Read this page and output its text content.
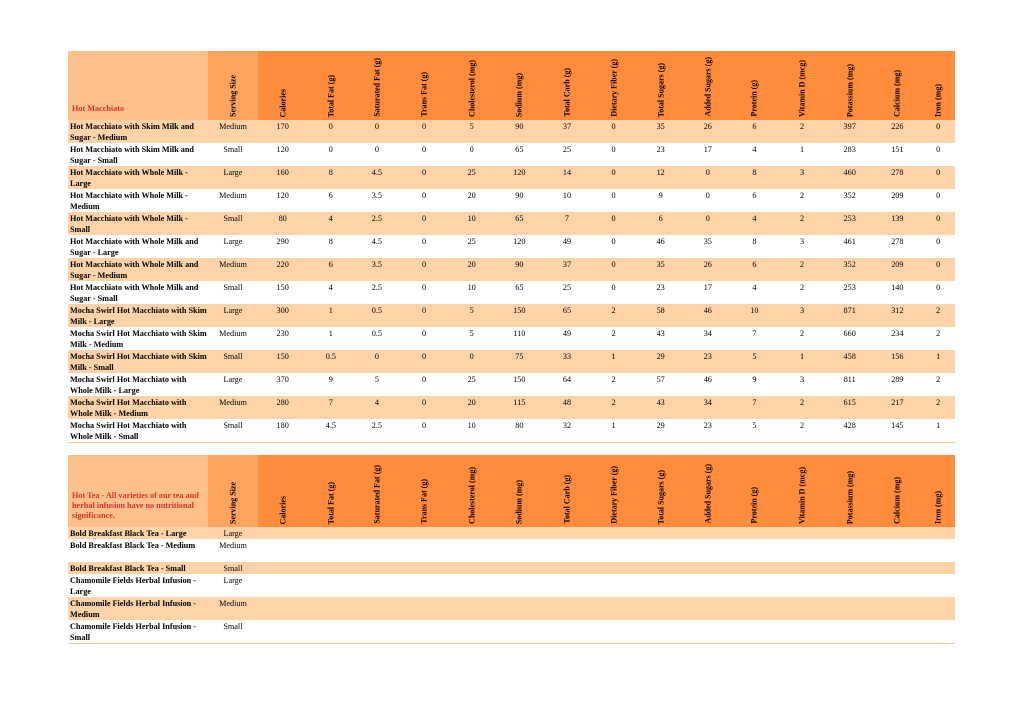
Hot Macchiato	Serving Size	Calories	Total Fat (g)	Saturated Fat (g)	Trans Fat (g)	Cholesterol (mg)	Sodium (mg)	Total Carb (g)	Dietary Fiber (g)	Total Sugars (g)	Added Sugars (g)	Protein (g)	Vitamin D (mcg)	Potassium (mg)	Calcium (mg)	Iron (mg)

Hot Macchiato with Skim Milk and Sugar - Medium	Medium	170	0	0	0	5	90	37	0	35	26	6	2	397	226	0
Hot Macchiato with Skim Milk and Sugar - Small	Small	120	0	0	0	0	65	25	0	23	17	4	1	283	151	0
Hot Macchiato with Whole Milk - Large	Large	160	8	4.5	0	25	120	14	0	12	0	8	3	460	278	0
Hot Macchiato with Whole Milk - Medium	Medium	120	6	3.5	0	20	90	10	0	9	0	6	2	352	209	0
Hot Macchiato with Whole Milk - Small	Small	80	4	2.5	0	10	65	7	0	6	0	4	2	253	139	0
Hot Macchiato with Whole Milk and Sugar - Large	Large	290	8	4.5	0	25	120	49	0	46	35	8	3	461	278	0
Hot Macchiato with Whole Milk and Sugar - Medium	Medium	220	6	3.5	0	20	90	37	0	35	26	6	2	352	209	0
Hot Macchiato with Whole Milk and Sugar - Small	Small	150	4	2.5	0	10	65	25	0	23	17	4	2	253	140	0
Mocha Swirl Hot Macchiato with Skim Milk - Large	Large	300	1	0.5	0	5	150	65	2	58	46	10	3	871	312	2
Mocha Swirl Hot Macchiato with Skim Milk - Medium	Medium	230	1	0.5	0	5	110	49	2	43	34	7	2	660	234	2
Mocha Swirl Hot Macchiato with Skim Milk - Small	Small	150	0.5	0	0	0	75	33	1	29	23	5	1	458	156	1
Mocha Swirl Hot Macchiato with Whole Milk - Large	Large	370	9	5	0	25	150	64	2	57	46	9	3	811	289	2
Mocha Swirl Hot Macchiato with Whole Milk - Medium	Medium	280	7	4	0	20	115	48	2	43	34	7	2	615	217	2
Mocha Swirl Hot Macchiato with Whole Milk - Small	Small	180	4.5	2.5	0	10	80	32	1	29	23	5	2	428	145	1
Hot Tea - All varieties of our tea and herbal infusion have no nutritional significance.	Serving Size	Calories	Total Fat (g)	Saturated Fat (g)	Trans Fat (g)	Cholesterol (mg)	Sodium (mg)	Total Carb (g)	Dietary Fiber (g)	Total Sugars (g)	Added Sugars (g)	Protein (g)	Vitamin D (mcg)	Potassium (mg)	Calcium (mg)	Iron (mg)

Bold Breakfast Black Tea - Large	Large															
Bold Breakfast Black Tea - Medium	Medium															
Bold Breakfast Black Tea - Small	Small															
Chamomile Fields Herbal Infusion - Large	Large															
Chamomile Fields Herbal Infusion - Medium	Medium															
Chamomile Fields Herbal Infusion - Small	Small															
